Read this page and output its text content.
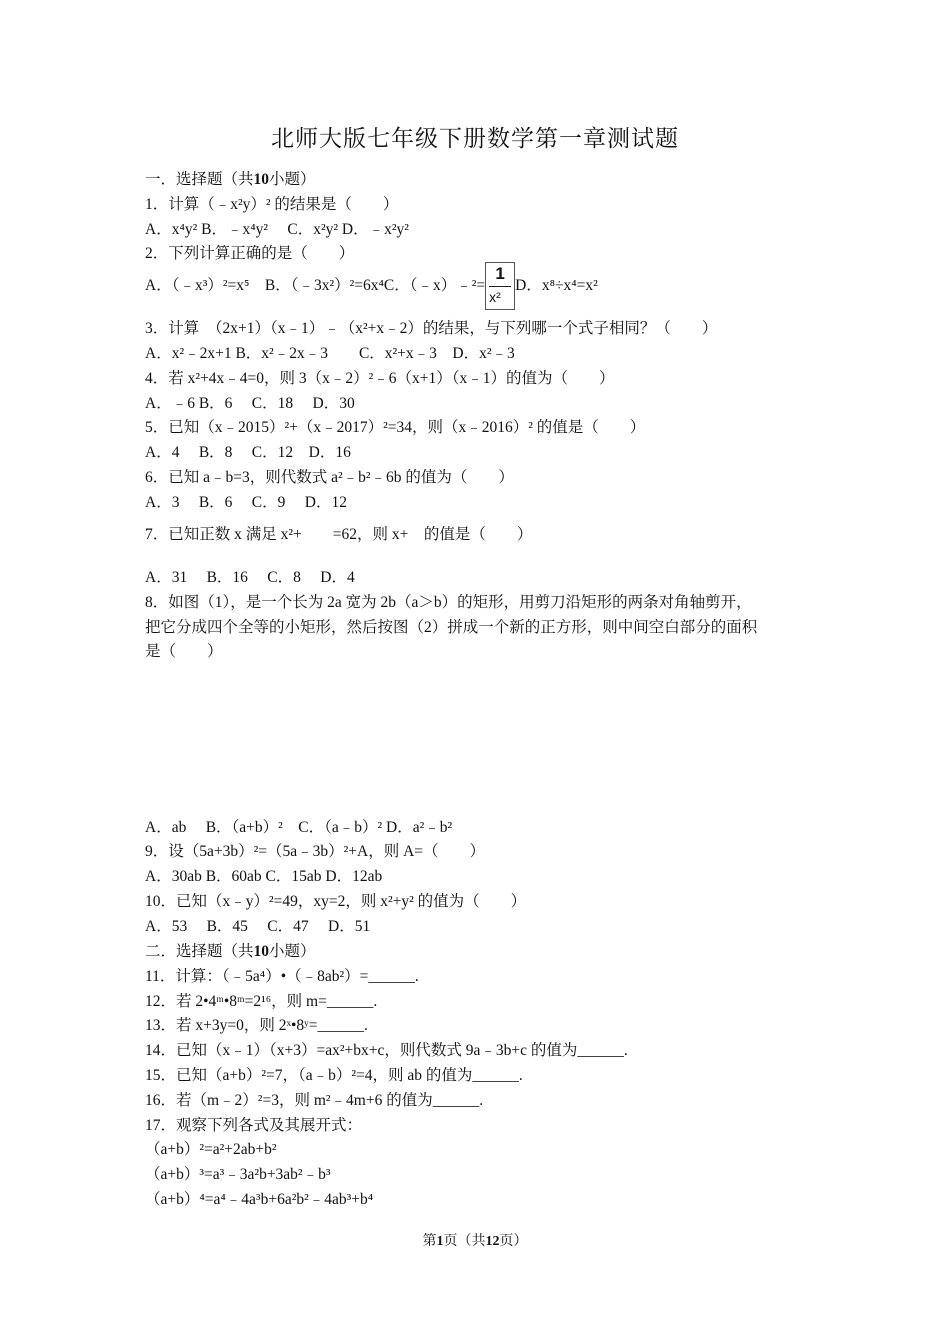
北师大版七年级下册数学第一章测试题
一．选择题（共10小题）
1．计算（﹣x²y）² 的结果是（　　）
A．x⁴y² B．﹣x⁴y²　 C．x²y² D．﹣x²y²
2．下列计算正确的是（　　）
A．（﹣x³）²=x⁵　B．（﹣3x²）²=6x⁴C．（﹣x）﹣²= $\frac{1}{\text{x²}}$ D．x⁸÷x⁴=x²
3．计算　（2x+1）（x﹣1）﹣（x²+x﹣2）的结果，与下列哪一个式子相同？（　　）
A．x²﹣2x+1 B．x²﹣2x﹣3　　C．x²+x﹣3　D．x²﹣3
4．若 x²+4x﹣4=0，则 3（x﹣2）²﹣6（x+1）（x﹣1）的值为（　　）
A．﹣6 B．6　 C．18　 D．30
5．已知（x﹣2015）²+（x﹣2017）²=34，则（x﹣2016）² 的值是（　　）
A．4　 B．8　 C．12　D．16
6．已知 a﹣b=3，则代数式 a²﹣b²﹣6b 的值为（　　）
A．3　 B．6　 C．9　 D．12
7．已知正数 x 满足 x²+　　=62，则 x+　的值是（　　）
A．31　 B．16　 C．8　 D．4
8．如图（1），是一个长为 2a 宽为 2b（a＞b）的矩形，用剪刀沿矩形的两条对角轴剪开，
把它分成四个全等的小矩形，然后按图（2）拼成一个新的正方形，则中间空白部分的面积
是（　　）
A．ab　 B．（a+b）²　C．（a﹣b）² D．a²﹣b²
9．设（5a+3b）²=（5a﹣3b）²+A，则 A=（　　）
A．30ab B．60ab C．15ab D．12ab
10．已知（x﹣y）²=49，xy=2，则 x²+y² 的值为（　　）
A．53　 B．45　 C．47　 D．51
二．选择题（共10小题）
11．计算：（﹣5a⁴）•（﹣8ab²）=______.
12．若 2•4ᵐ•8ᵐ=2¹⁶，则 m=______.
13．若 x+3y=0，则 2ˣ•8ʸ=______.
14．已知（x﹣1）（x+3）=ax²+bx+c，则代数式 9a﹣3b+c 的值为______.
15．已知（a+b）²=7，（a﹣b）²=4，则 ab 的值为______.
16．若（m﹣2）²=3，则 m²﹣4m+6 的值为______.
17．观察下列各式及其展开式：
（a+b）²=a²+2ab+b²
（a+b）³=a³﹣3a²b+3ab²﹣b³
（a+b）⁴=a⁴﹣4a³b+6a²b²﹣4ab³+b⁴
第1页（共12页）
